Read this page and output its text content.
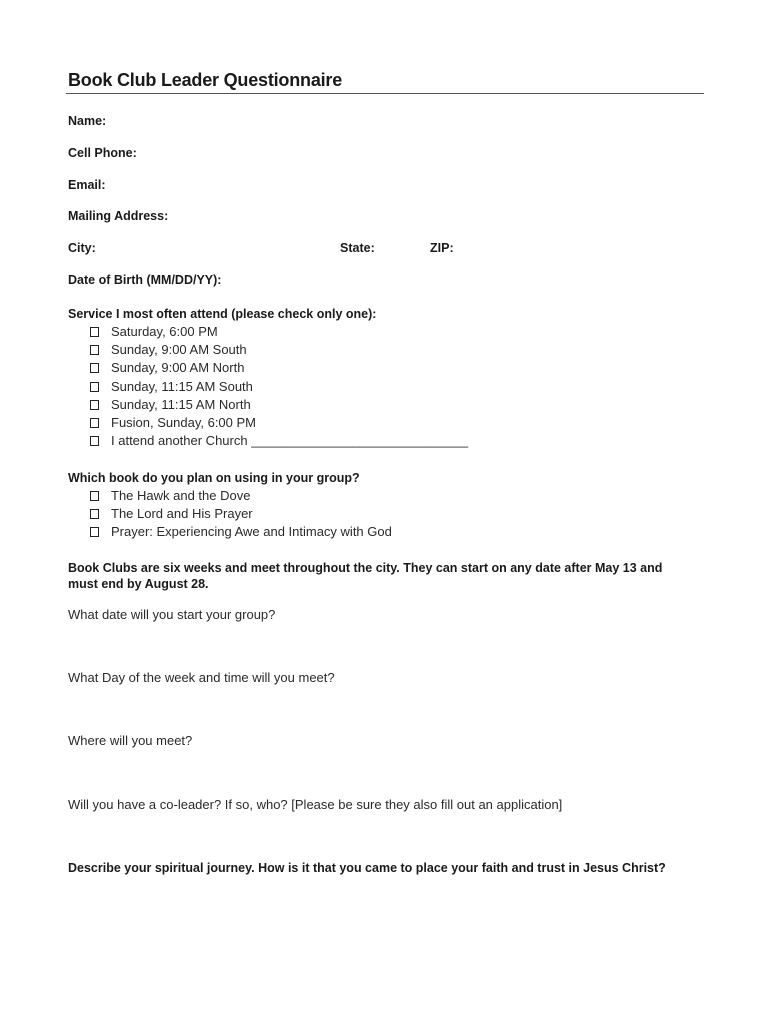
Book Club Leader Questionnaire
Name:
Cell Phone:
Email:
Mailing Address:
City:	State:	ZIP:
Date of Birth (MM/DD/YY):
Service I most often attend (please check only one):
Saturday, 6:00 PM
Sunday, 9:00 AM South
Sunday, 9:00 AM North
Sunday, 11:15 AM South
Sunday, 11:15 AM North
Fusion, Sunday, 6:00 PM
I attend another Church ______________________________
Which book do you plan on using in your group?
The Hawk and the Dove
The Lord and His Prayer
Prayer: Experiencing Awe and Intimacy with God
Book Clubs are six weeks and meet throughout the city. They can start on any date after May 13 and must end by August 28.
What date will you start your group?
What Day of the week and time will you meet?
Where will you meet?
Will you have a co-leader? If so, who? [Please be sure they also fill out an application]
Describe your spiritual journey. How is it that you came to place your faith and trust in Jesus Christ?
